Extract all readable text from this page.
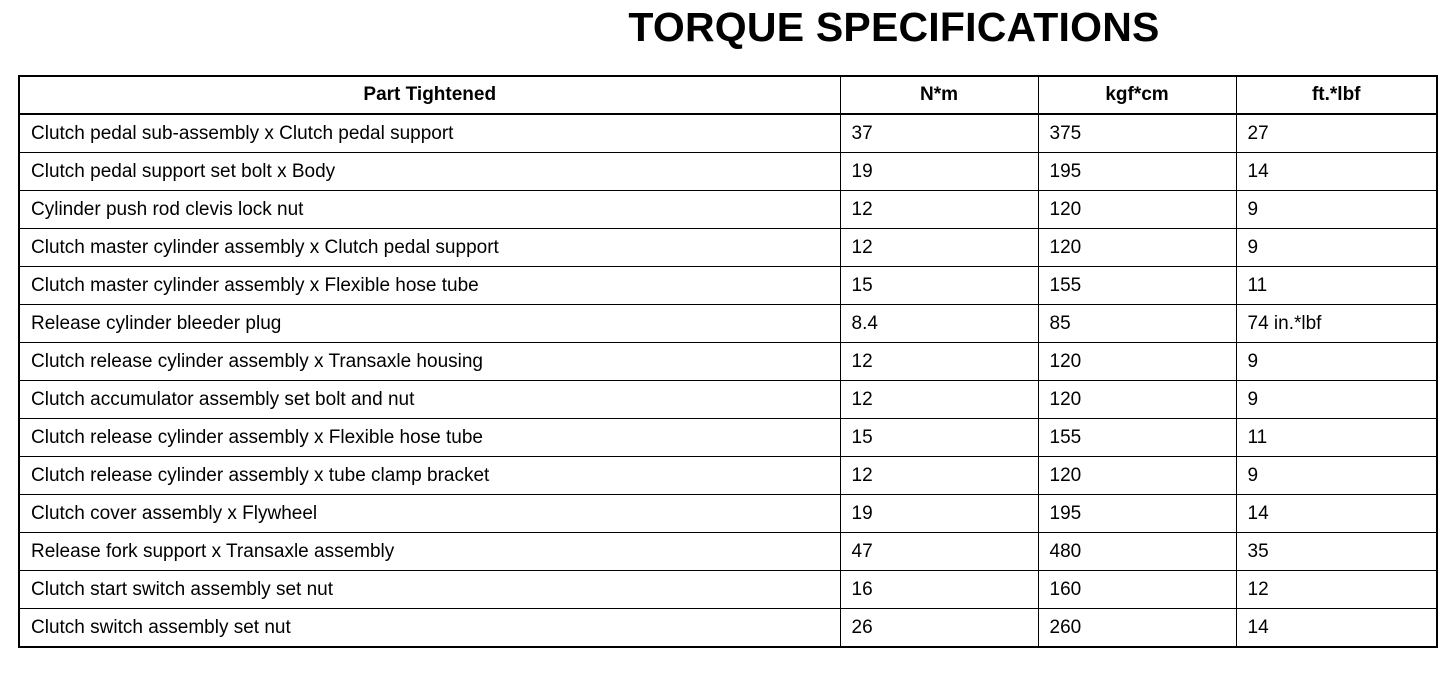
TORQUE SPECIFICATIONS
Part Tightened	N*m	kgf*cm	ft.*lbf
Clutch pedal sub-assembly x Clutch pedal support	37	375	27
Clutch pedal support set bolt x Body	19	195	14
Cylinder push rod clevis lock nut	12	120	9
Clutch master cylinder assembly x Clutch pedal support	12	120	9
Clutch master cylinder assembly x Flexible hose tube	15	155	11
Release cylinder bleeder plug	8.4	85	74 in.*lbf
Clutch release cylinder assembly x Transaxle housing	12	120	9
Clutch accumulator assembly set bolt and nut	12	120	9
Clutch release cylinder assembly x Flexible hose tube	15	155	11
Clutch release cylinder assembly x tube clamp bracket	12	120	9
Clutch cover assembly x Flywheel	19	195	14
Release fork support x Transaxle assembly	47	480	35
Clutch start switch assembly set nut	16	160	12
Clutch switch assembly set nut	26	260	14
